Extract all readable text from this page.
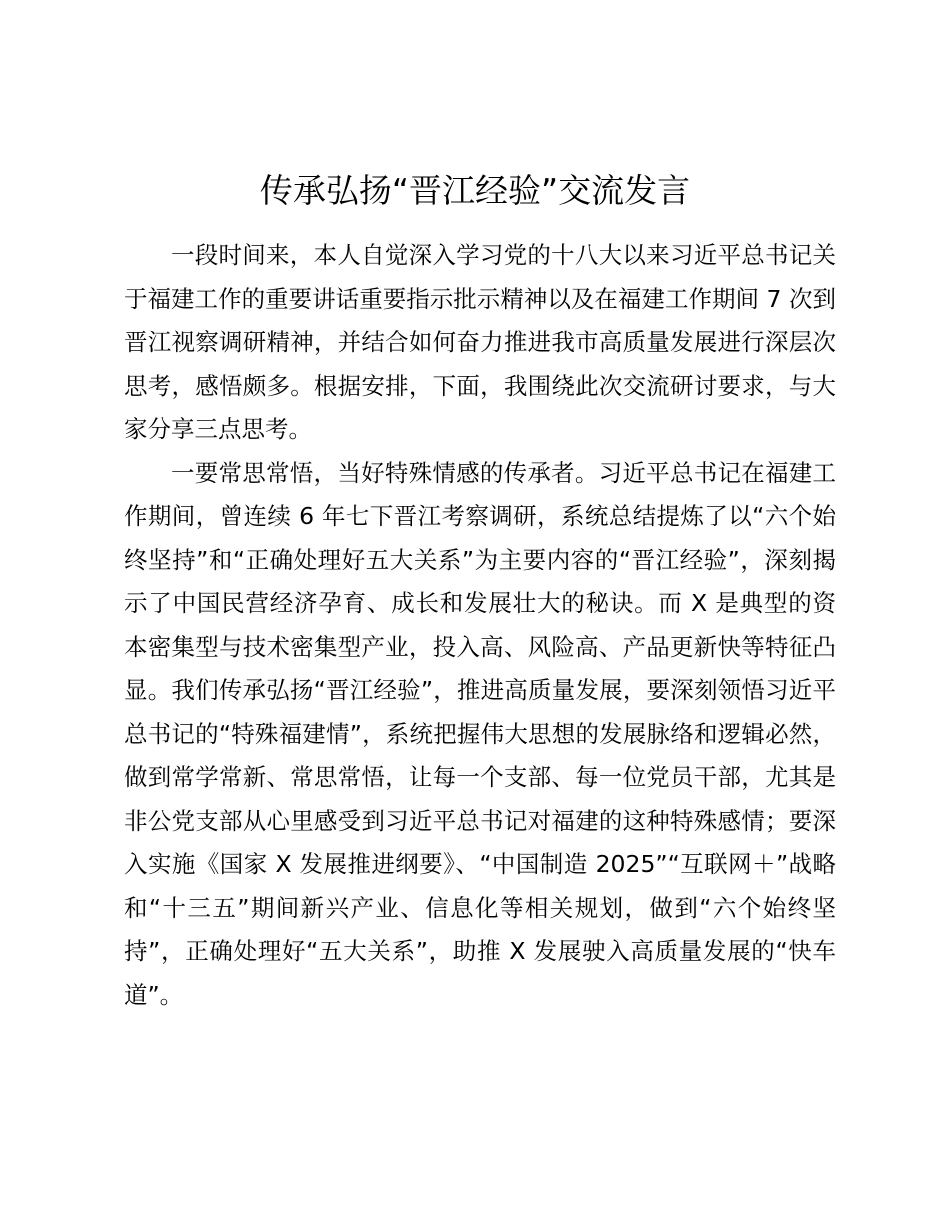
传承弘扬“晋江经验”交流发言

一段时间来，本人自觉深入学习党的十八大以来习近平总书记关于福建工作的重要讲话重要指示批示精神以及在福建工作期间 7 次到晋江视察调研精神，并结合如何奋力推进我市高质量发展进行深层次思考，感悟颇多。根据安排，下面，我围绕此次交流研讨要求，与大家分享三点思考。

一要常思常悟，当好特殊情感的传承者。习近平总书记在福建工作期间，曾连续 6 年七下晋江考察调研，系统总结提炼了以“六个始终坚持”和“正确处理好五大关系”为主要内容的“晋江经验”，深刻揭示了中国民营经济孕育、成长和发展壮大的秘诀。而 X 是典型的资本密集型与技术密集型产业，投入高、风险高、产品更新快等特征凸显。我们传承弘扬“晋江经验”，推进高质量发展，要深刻领悟习近平总书记的“特殊福建情”，系统把握伟大思想的发展脉络和逻辑必然，做到常学常新、常思常悟，让每一个支部、每一位党员干部，尤其是非公党支部从心里感受到习近平总书记对福建的这种特殊感情；要深入实施《国家 X 发展推进纲要》、“中国制造 2025”“互联网＋”战略和“十三五”期间新兴产业、信息化等相关规划，做到“六个始终坚持”，正确处理好“五大关系”，助推 X 发展驶入高质量发展的“快车道”。
